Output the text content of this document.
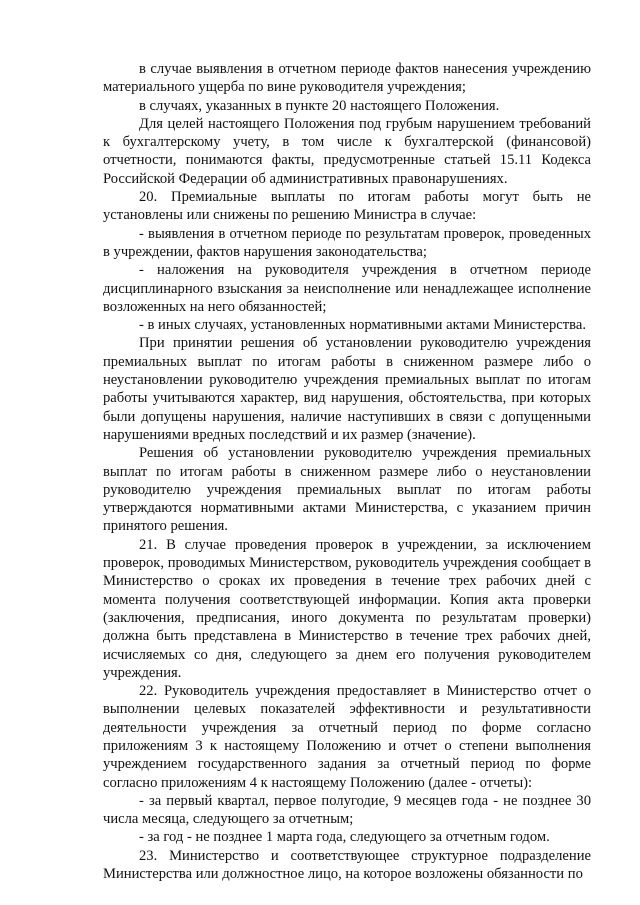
в случае выявления в отчетном периоде фактов нанесения учреждению материального ущерба по вине руководителя учреждения;

в случаях, указанных в пункте 20 настоящего Положения.

Для целей настоящего Положения под грубым нарушением требований к бухгалтерскому учету, в том числе к бухгалтерской (финансовой) отчетности, понимаются факты, предусмотренные статьей 15.11 Кодекса Российской Федерации об административных правонарушениях.

20. Премиальные выплаты по итогам работы могут быть не установлены или снижены по решению Министра в случае:

- выявления в отчетном периоде по результатам проверок, проведенных в учреждении, фактов нарушения законодательства;

- наложения на руководителя учреждения в отчетном периоде дисциплинарного взыскания за неисполнение или ненадлежащее исполнение возложенных на него обязанностей;

- в иных случаях, установленных нормативными актами Министерства.

При принятии решения об установлении руководителю учреждения премиальных выплат по итогам работы в сниженном размере либо о неустановлении руководителю учреждения премиальных выплат по итогам работы учитываются характер, вид нарушения, обстоятельства, при которых были допущены нарушения, наличие наступивших в связи с допущенными нарушениями вредных последствий и их размер (значение).

Решения об установлении руководителю учреждения премиальных выплат по итогам работы в сниженном размере либо о неустановлении руководителю учреждения премиальных выплат по итогам работы утверждаются нормативными актами Министерства, с указанием причин принятого решения.

21. В случае проведения проверок в учреждении, за исключением проверок, проводимых Министерством, руководитель учреждения сообщает в Министерство о сроках их проведения в течение трех рабочих дней с момента получения соответствующей информации. Копия акта проверки (заключения, предписания, иного документа по результатам проверки) должна быть представлена в Министерство в течение трех рабочих дней, исчисляемых со дня, следующего за днем его получения руководителем учреждения.

22. Руководитель учреждения предоставляет в Министерство отчет о выполнении целевых показателей эффективности и результативности деятельности учреждения за отчетный период по форме согласно приложениям 3 к настоящему Положению и отчет о степени выполнения учреждением государственного задания за отчетный период по форме согласно приложениям 4 к настоящему Положению (далее - отчеты):

- за первый квартал, первое полугодие, 9 месяцев года - не позднее 30 числа месяца, следующего за отчетным;

- за год - не позднее 1 марта года, следующего за отчетным годом.

23. Министерство и соответствующее структурное подразделение Министерства или должностное лицо, на которое возложены обязанности по
